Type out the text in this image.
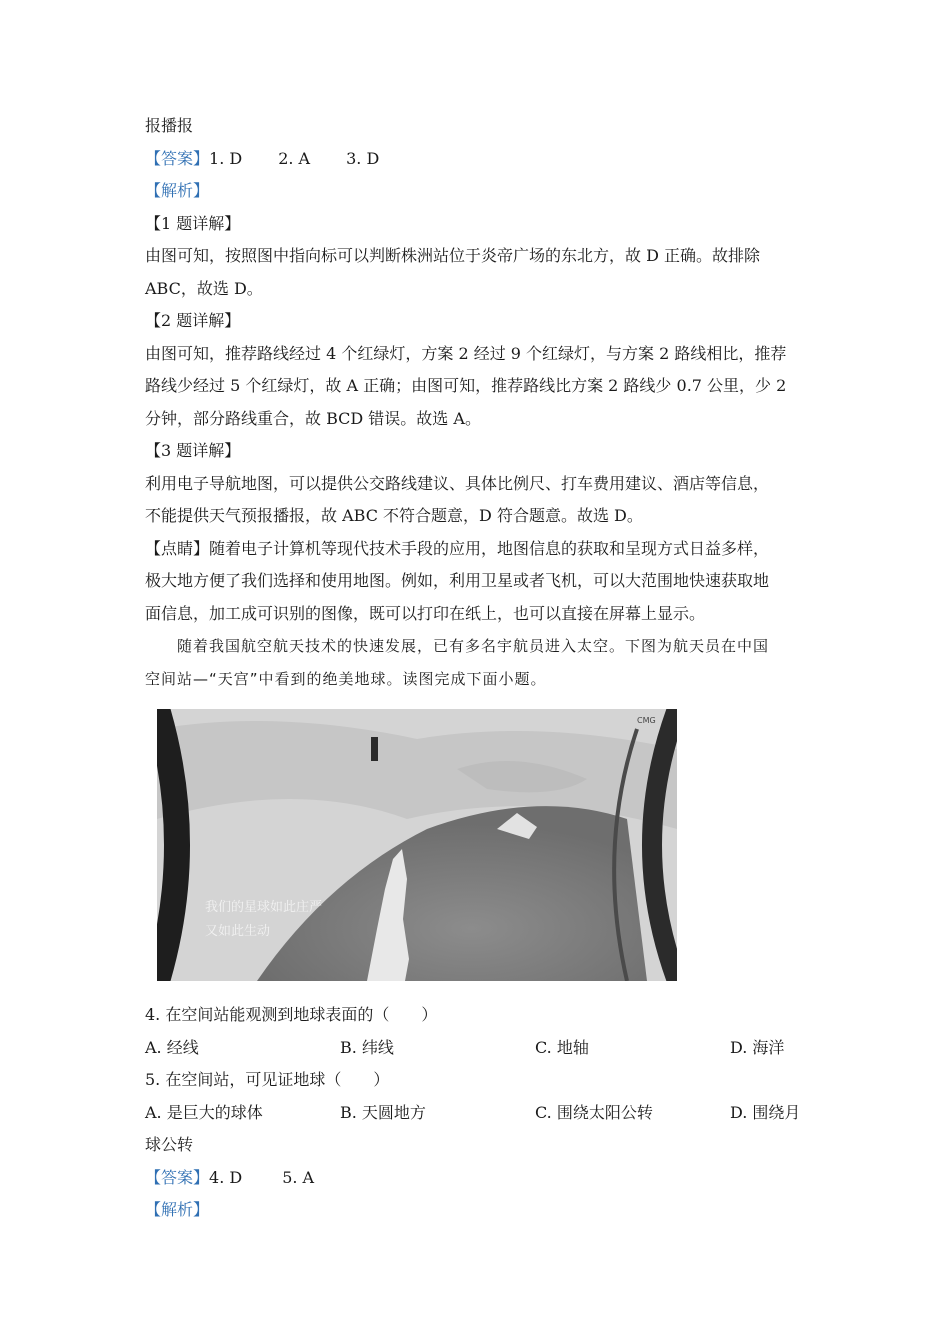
报播报
【答案】1. D 2. A 3. D
【解析】
【1 题详解】
由图可知，按照图中指向标可以判断株洲站位于炎帝广场的东北方，故 D 正确。故排除
ABC，故选 D。
【2 题详解】
由图可知，推荐路线经过 4 个红绿灯，方案 2 经过 9 个红绿灯，与方案 2 路线相比，推荐
路线少经过 5 个红绿灯，故 A 正确；由图可知，推荐路线比方案 2 路线少 0.7 公里，少 2
分钟，部分路线重合，故 BCD 错误。故选 A。
【3 题详解】
利用电子导航地图，可以提供公交路线建议、具体比例尺、打车费用建议、酒店等信息，
不能提供天气预报播报，故 ABC 不符合题意，D 符合题意。故选 D。
【点睛】随着电子计算机等现代技术手段的应用，地图信息的获取和呈现方式日益多样，
极大地方便了我们选择和使用地图。例如，利用卫星或者飞机，可以大范围地快速获取地
面信息，加工成可识别的图像，既可以打印在纸上，也可以直接在屏幕上显示。
随着我国航空航天技术的快速发展，已有多名宇航员进入太空。下图为航天员在中国
空间站—“天宫”中看到的绝美地球。读图完成下面小题。
我们的星球如此庄严
又如此生动
CMG
4. 在空间站能观测到地球表面的（　　）
A. 经线	B. 纬线	C. 地轴	D. 海洋
5. 在空间站，可见证地球（　　）
A. 是巨大的球体	B. 天圆地方	C. 围绕太阳公转	D. 围绕月
球公转
【答案】4. D	5. A
【解析】
